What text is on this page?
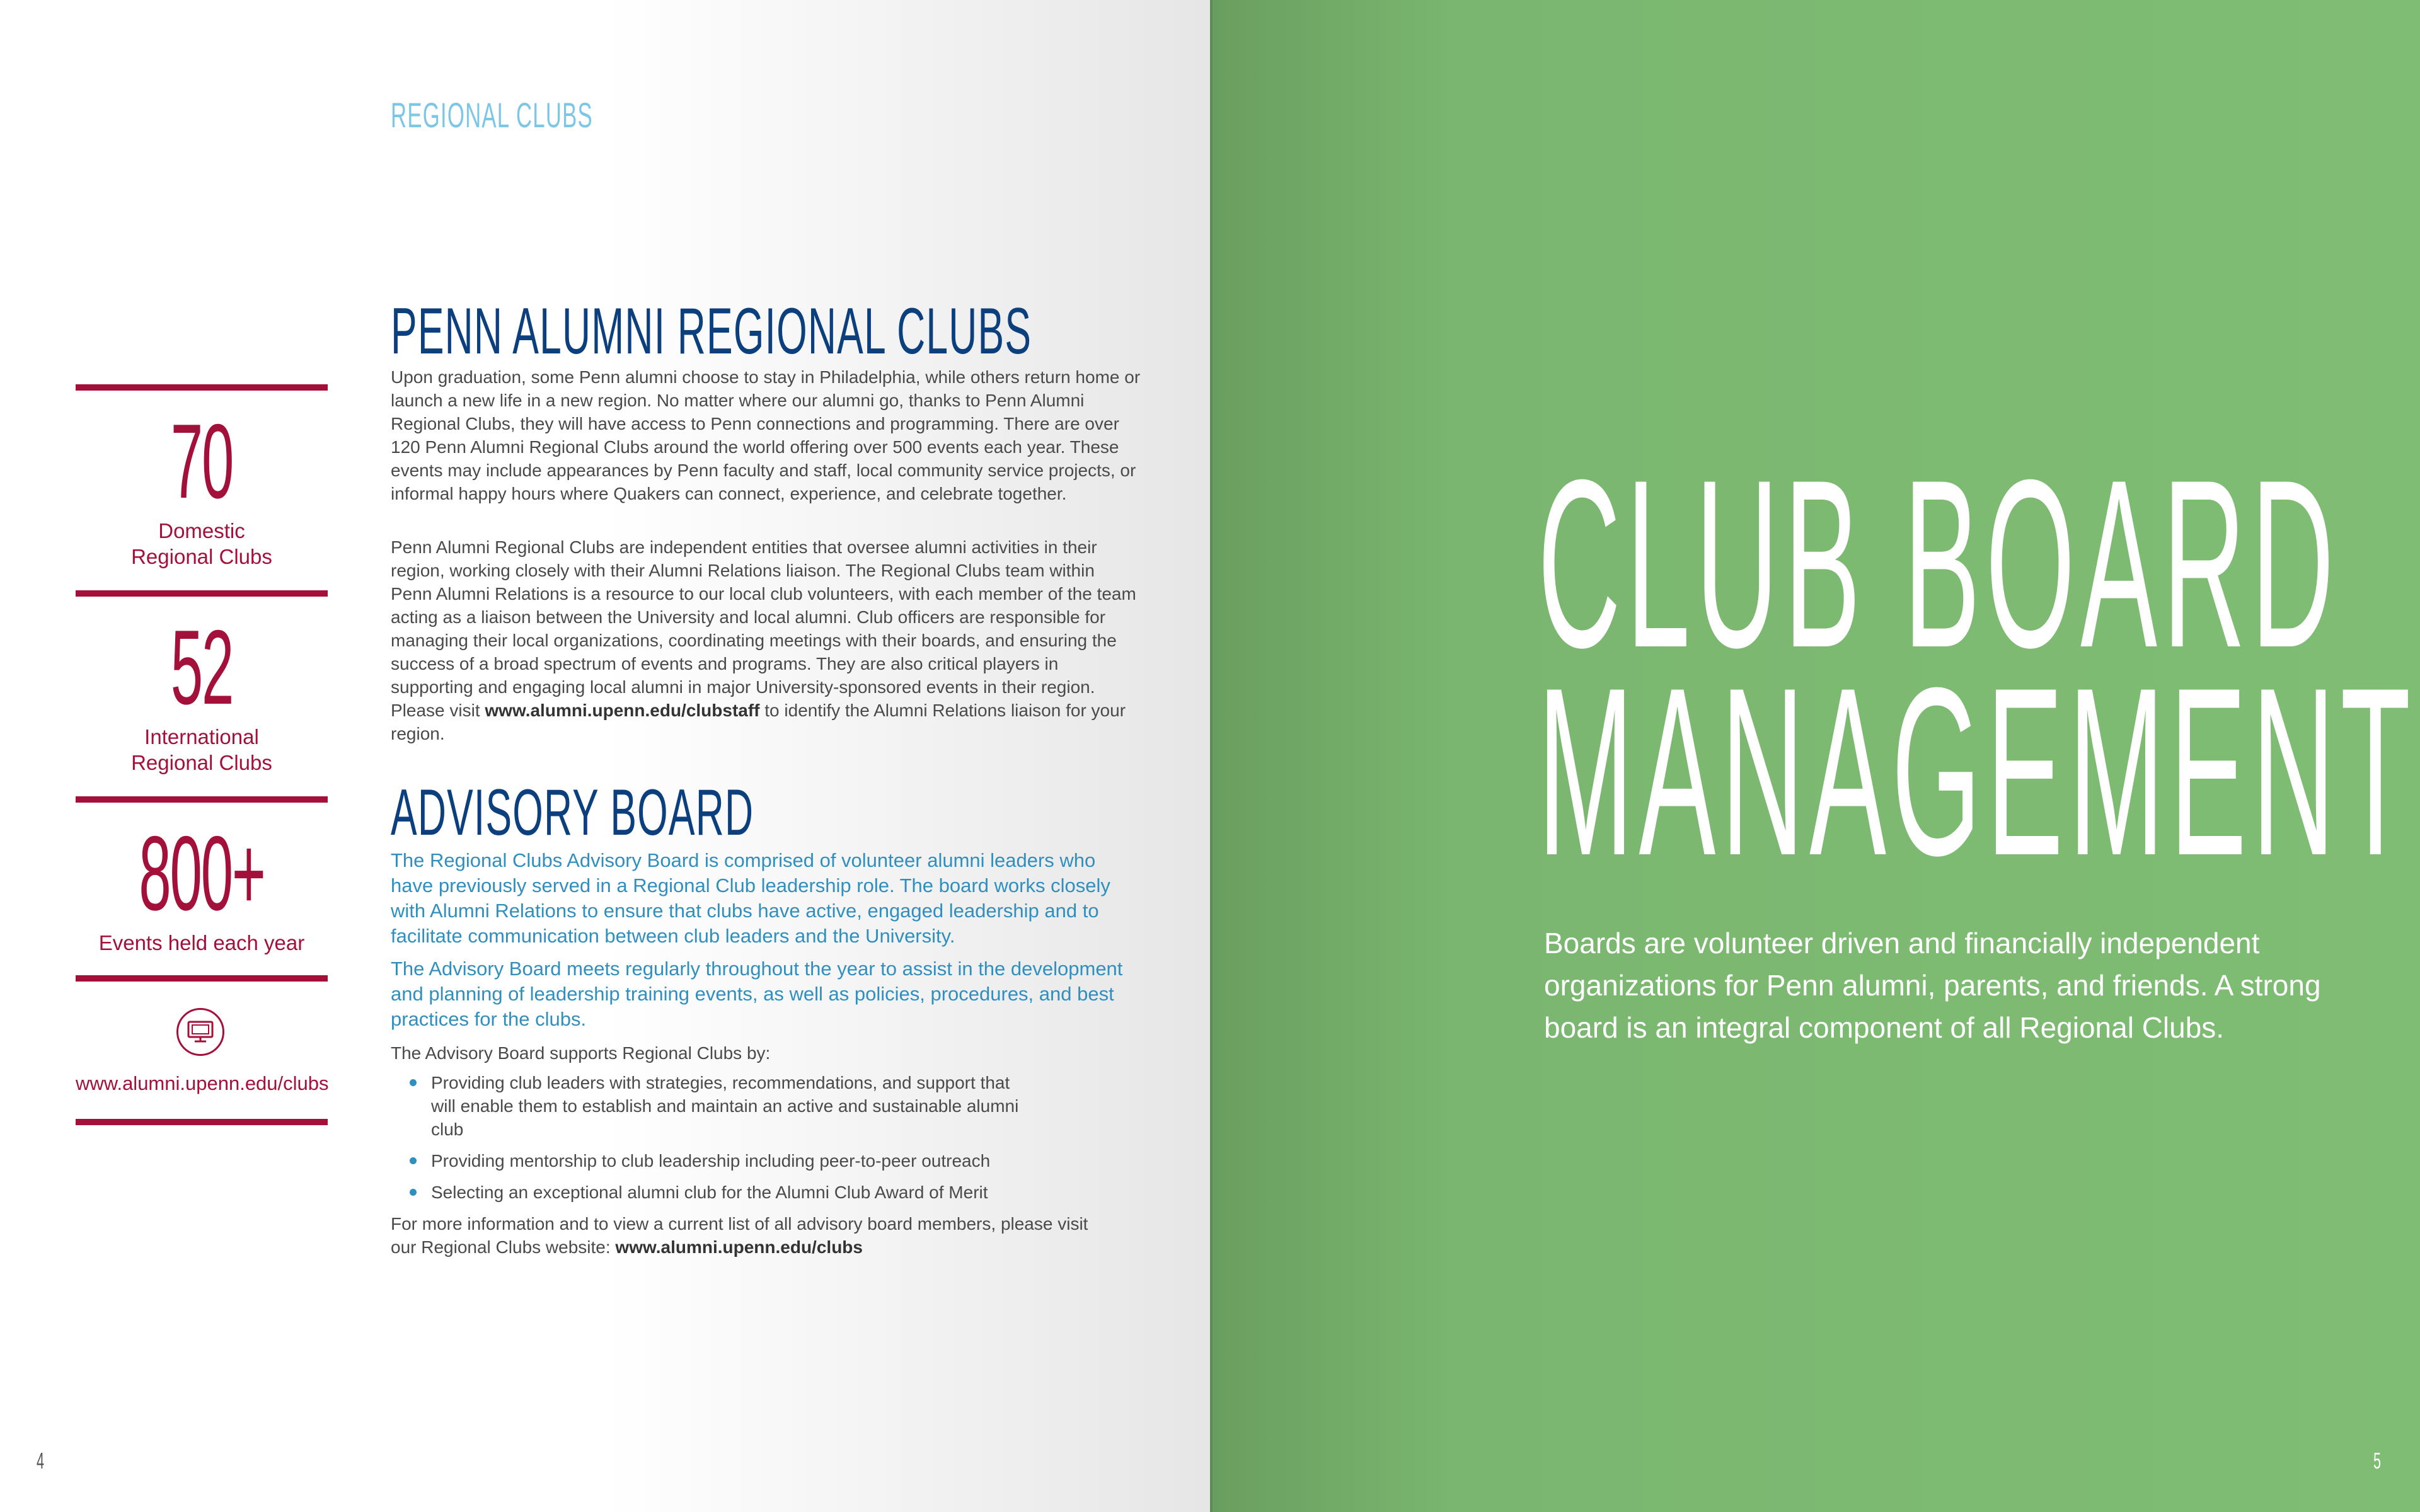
REGIONAL CLUBS

70

Domestic
Regional Clubs

52

International
Regional Clubs

800+

Events held each year

www.alumni.upenn.edu/clubs

PENN ALUMNI REGIONAL CLUBS

Upon graduation, some Penn alumni choose to stay in Philadelphia, while others return home or launch a new life in a new region. No matter where our alumni go, thanks to Penn Alumni Regional Clubs, they will have access to Penn connections and programming. There are over 120 Penn Alumni Regional Clubs around the world offering over 500 events each year. These events may include appearances by Penn faculty and staff, local community service projects, or informal happy hours where Quakers can connect, experience, and celebrate together.

Penn Alumni Regional Clubs are independent entities that oversee alumni activities in their region, working closely with their Alumni Relations liaison. The Regional Clubs team within Penn Alumni Relations is a resource to our local club volunteers, with each member of the team acting as a liaison between the University and local alumni. Club officers are responsible for managing their local organizations, coordinating meetings with their boards, and ensuring the success of a broad spectrum of events and programs. They are also critical players in supporting and engaging local alumni in major University-sponsored events in their region. Please visit www.alumni.upenn.edu/clubstaff to identify the Alumni Relations liaison for your region.

ADVISORY BOARD

The Regional Clubs Advisory Board is comprised of volunteer alumni leaders who have previously served in a Regional Club leadership role. The board works closely with Alumni Relations to ensure that clubs have active, engaged leadership and to facilitate communication between club leaders and the University.

The Advisory Board meets regularly throughout the year to assist in the development and planning of leadership training events, as well as policies, procedures, and best practices for the clubs.

The Advisory Board supports Regional Clubs by:

Providing club leaders with strategies, recommendations, and support that will enable them to establish and maintain an active and sustainable alumni club
Providing mentorship to club leadership including peer-to-peer outreach
Selecting an exceptional alumni club for the Alumni Club Award of Merit

For more information and to view a current list of all advisory board members, please visit our Regional Clubs website: www.alumni.upenn.edu/clubs

4

CLUB BOARD
MANAGEMENT

Boards are volunteer driven and financially independent organizations for Penn alumni, parents, and friends. A strong board is an integral component of all Regional Clubs.

5
